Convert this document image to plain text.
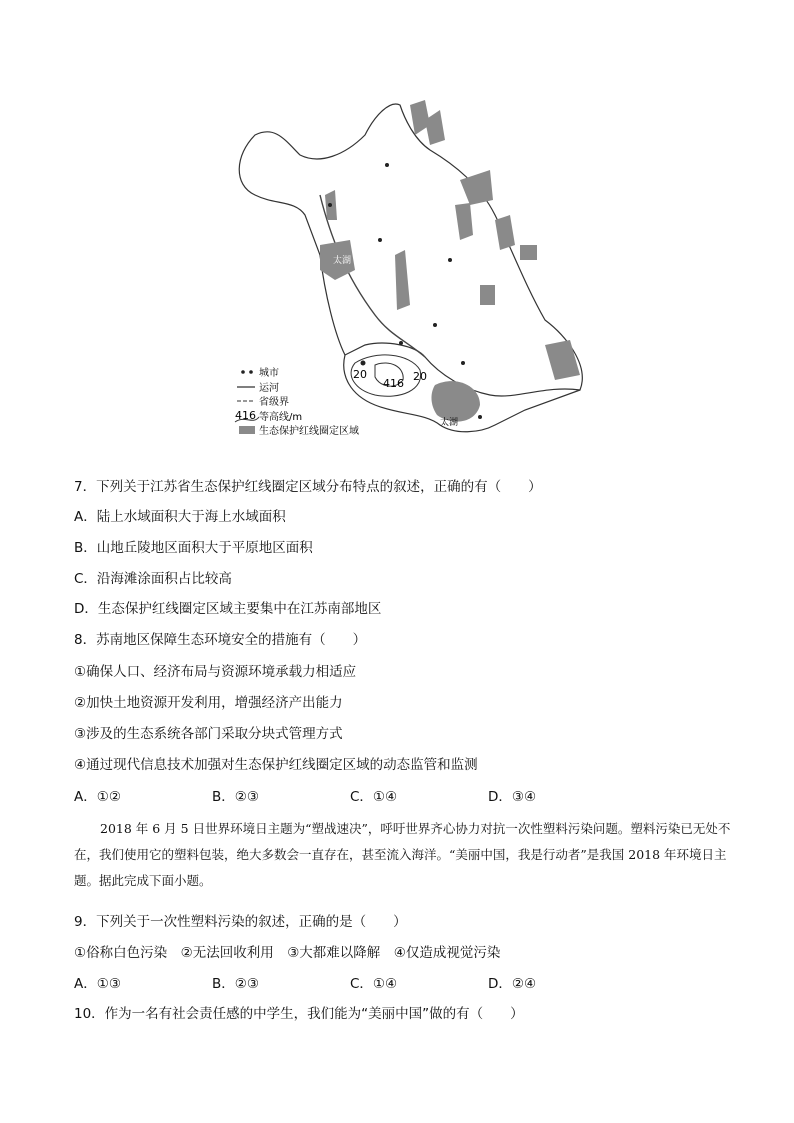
太湖
太湖
20
416
20
城市
运河
省级界
416 等高线/m
生态保护红线圈定区域
7．下列关于江苏省生态保护红线圈定区域分布特点的叙述，正确的有（　　）
A．陆上水域面积大于海上水域面积
B．山地丘陵地区面积大于平原地区面积
C．沿海滩涂面积占比较高
D．生态保护红线圈定区域主要集中在江苏南部地区
8．苏南地区保障生态环境安全的措施有（　　）
①确保人口、经济布局与资源环境承载力相适应
②加快土地资源开发利用，增强经济产出能力
③涉及的生态系统各部门采取分块式管理方式
④通过现代信息技术加强对生态保护红线圈定区域的动态监管和监测
A．①②	B．②③	C．①④	D．③④
2018 年 6 月 5 日世界环境日主题为“塑战速决”，呼吁世界齐心协力对抗一次性塑料污染问题。塑料污染已无处不在，我们使用它的塑料包装，绝大多数会一直存在，甚至流入海洋。“美丽中国，我是行动者”是我国 2018 年环境日主题。据此完成下面小题。
9．下列关于一次性塑料污染的叙述，正确的是（　　）
①俗称白色污染　②无法回收利用　③大都难以降解　④仅造成视觉污染
A．①③	B．②③	C．①④	D．②④
10．作为一名有社会责任感的中学生，我们能为“美丽中国”做的有（　　）
